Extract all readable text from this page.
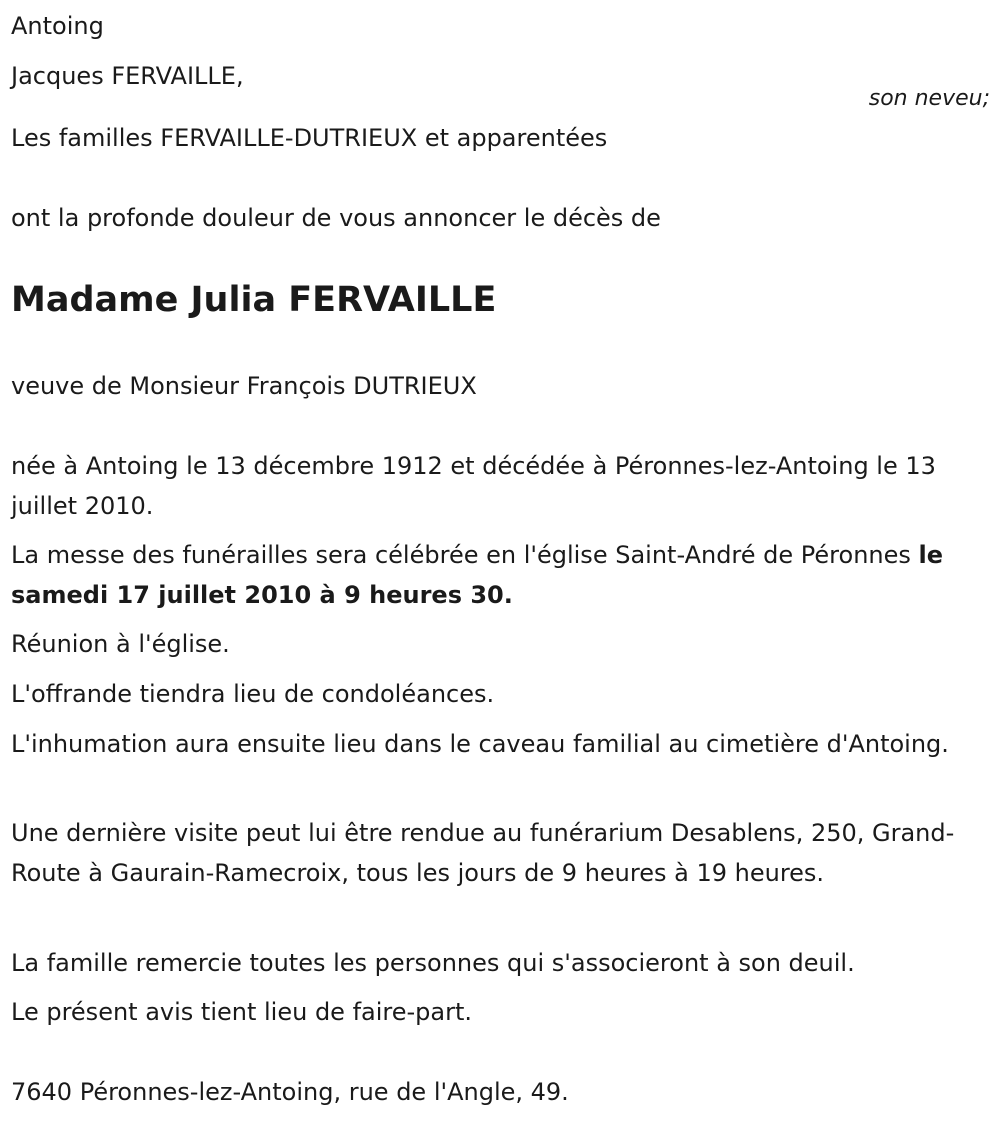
Antoing

Jacques FERVAILLE,

son neveu;

Les familles FERVAILLE-DUTRIEUX et apparentées

ont la profonde douleur de vous annoncer le décès de

Madame Julia FERVAILLE

veuve de Monsieur François DUTRIEUX

née à Antoing le 13 décembre 1912 et décédée à Péronnes-lez-Antoing le 13 juillet 2010.

La messe des funérailles sera célébrée en l'église Saint-André de Péronnes le samedi 17 juillet 2010 à 9 heures 30.

Réunion à l'église.

L'offrande tiendra lieu de condoléances.

L'inhumation aura ensuite lieu dans le caveau familial au cimetière d'Antoing.

Une dernière visite peut lui être rendue au funérarium Desablens, 250, Grand-Route à Gaurain-Ramecroix, tous les jours de 9 heures à 19 heures.

La famille remercie toutes les personnes qui s'associeront à son deuil.

Le présent avis tient lieu de faire-part.

7640 Péronnes-lez-Antoing, rue de l'Angle, 49.
